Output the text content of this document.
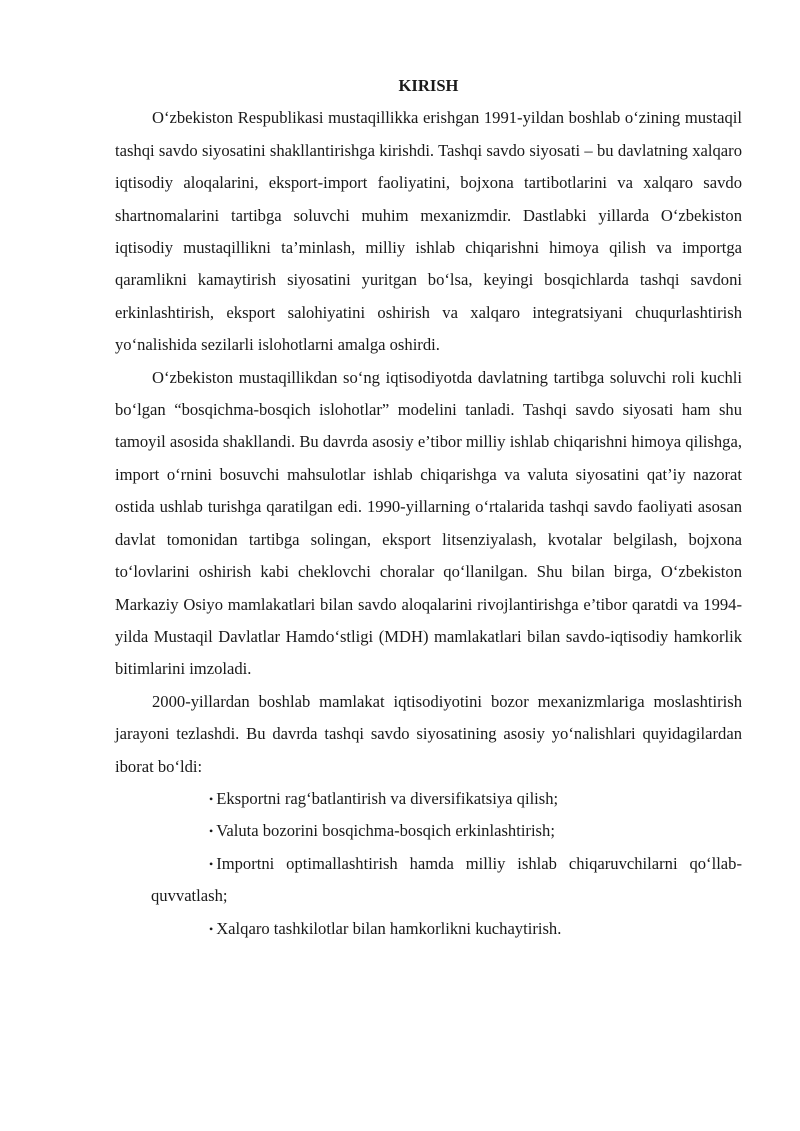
KIRISH

O‘zbekiston Respublikasi mustaqillikka erishgan 1991-yildan boshlab o‘zining mustaqil tashqi savdo siyosatini shakllantirishga kirishdi. Tashqi savdo siyosati – bu davlatning xalqaro iqtisodiy aloqalarini, eksport-import faoliyatini, bojxona tartibotlarini va xalqaro savdo shartnomalarini tartibga soluvchi muhim mexanizmdir. Dastlabki yillarda O‘zbekiston iqtisodiy mustaqillikni ta’minlash, milliy ishlab chiqarishni himoya qilish va importga qaramlikni kamaytirish siyosatini yuritgan bo‘lsa, keyingi bosqichlarda tashqi savdoni erkinlashtirish, eksport salohiyatini oshirish va xalqaro integratsiyani chuqurlashtirish yo‘nalishida sezilarli islohotlarni amalga oshirdi.

O‘zbekiston mustaqillikdan so‘ng iqtisodiyotda davlatning tartibga soluvchi roli kuchli bo‘lgan “bosqichma-bosqich islohotlar” modelini tanladi. Tashqi savdo siyosati ham shu tamoyil asosida shakllandi. Bu davrda asosiy e’tibor milliy ishlab chiqarishni himoya qilishga, import o‘rnini bosuvchi mahsulotlar ishlab chiqarishga va valuta siyosatini qat’iy nazorat ostida ushlab turishga qaratilgan edi. 1990-yillarning o‘rtalarida tashqi savdo faoliyati asosan davlat tomonidan tartibga solingan, eksport litsenziyalash, kvotalar belgilash, bojxona to‘lovlarini oshirish kabi cheklovchi choralar qo‘llanilgan. Shu bilan birga, O‘zbekiston Markaziy Osiyo mamlakatlari bilan savdo aloqalarini rivojlantirishga e’tibor qaratdi va 1994-yilda Mustaqil Davlatlar Hamdo‘stligi (MDH) mamlakatlari bilan savdo-iqtisodiy hamkorlik bitimlarini imzoladi.

2000-yillardan boshlab mamlakat iqtisodiyotini bozor mexanizmlariga moslashtirish jarayoni tezlashdi. Bu davrda tashqi savdo siyosatining asosiy yo‘nalishlari quyidagilardan iborat bo‘ldi:

• Eksportni rag‘batlantirish va diversifikatsiya qilish;
• Valuta bozorini bosqichma-bosqich erkinlashtirish;
• Importni optimallashtirish hamda milliy ishlab chiqaruvchilarni qo‘llab-quvvatlash;
• Xalqaro tashkilotlar bilan hamkorlikni kuchaytirish.
